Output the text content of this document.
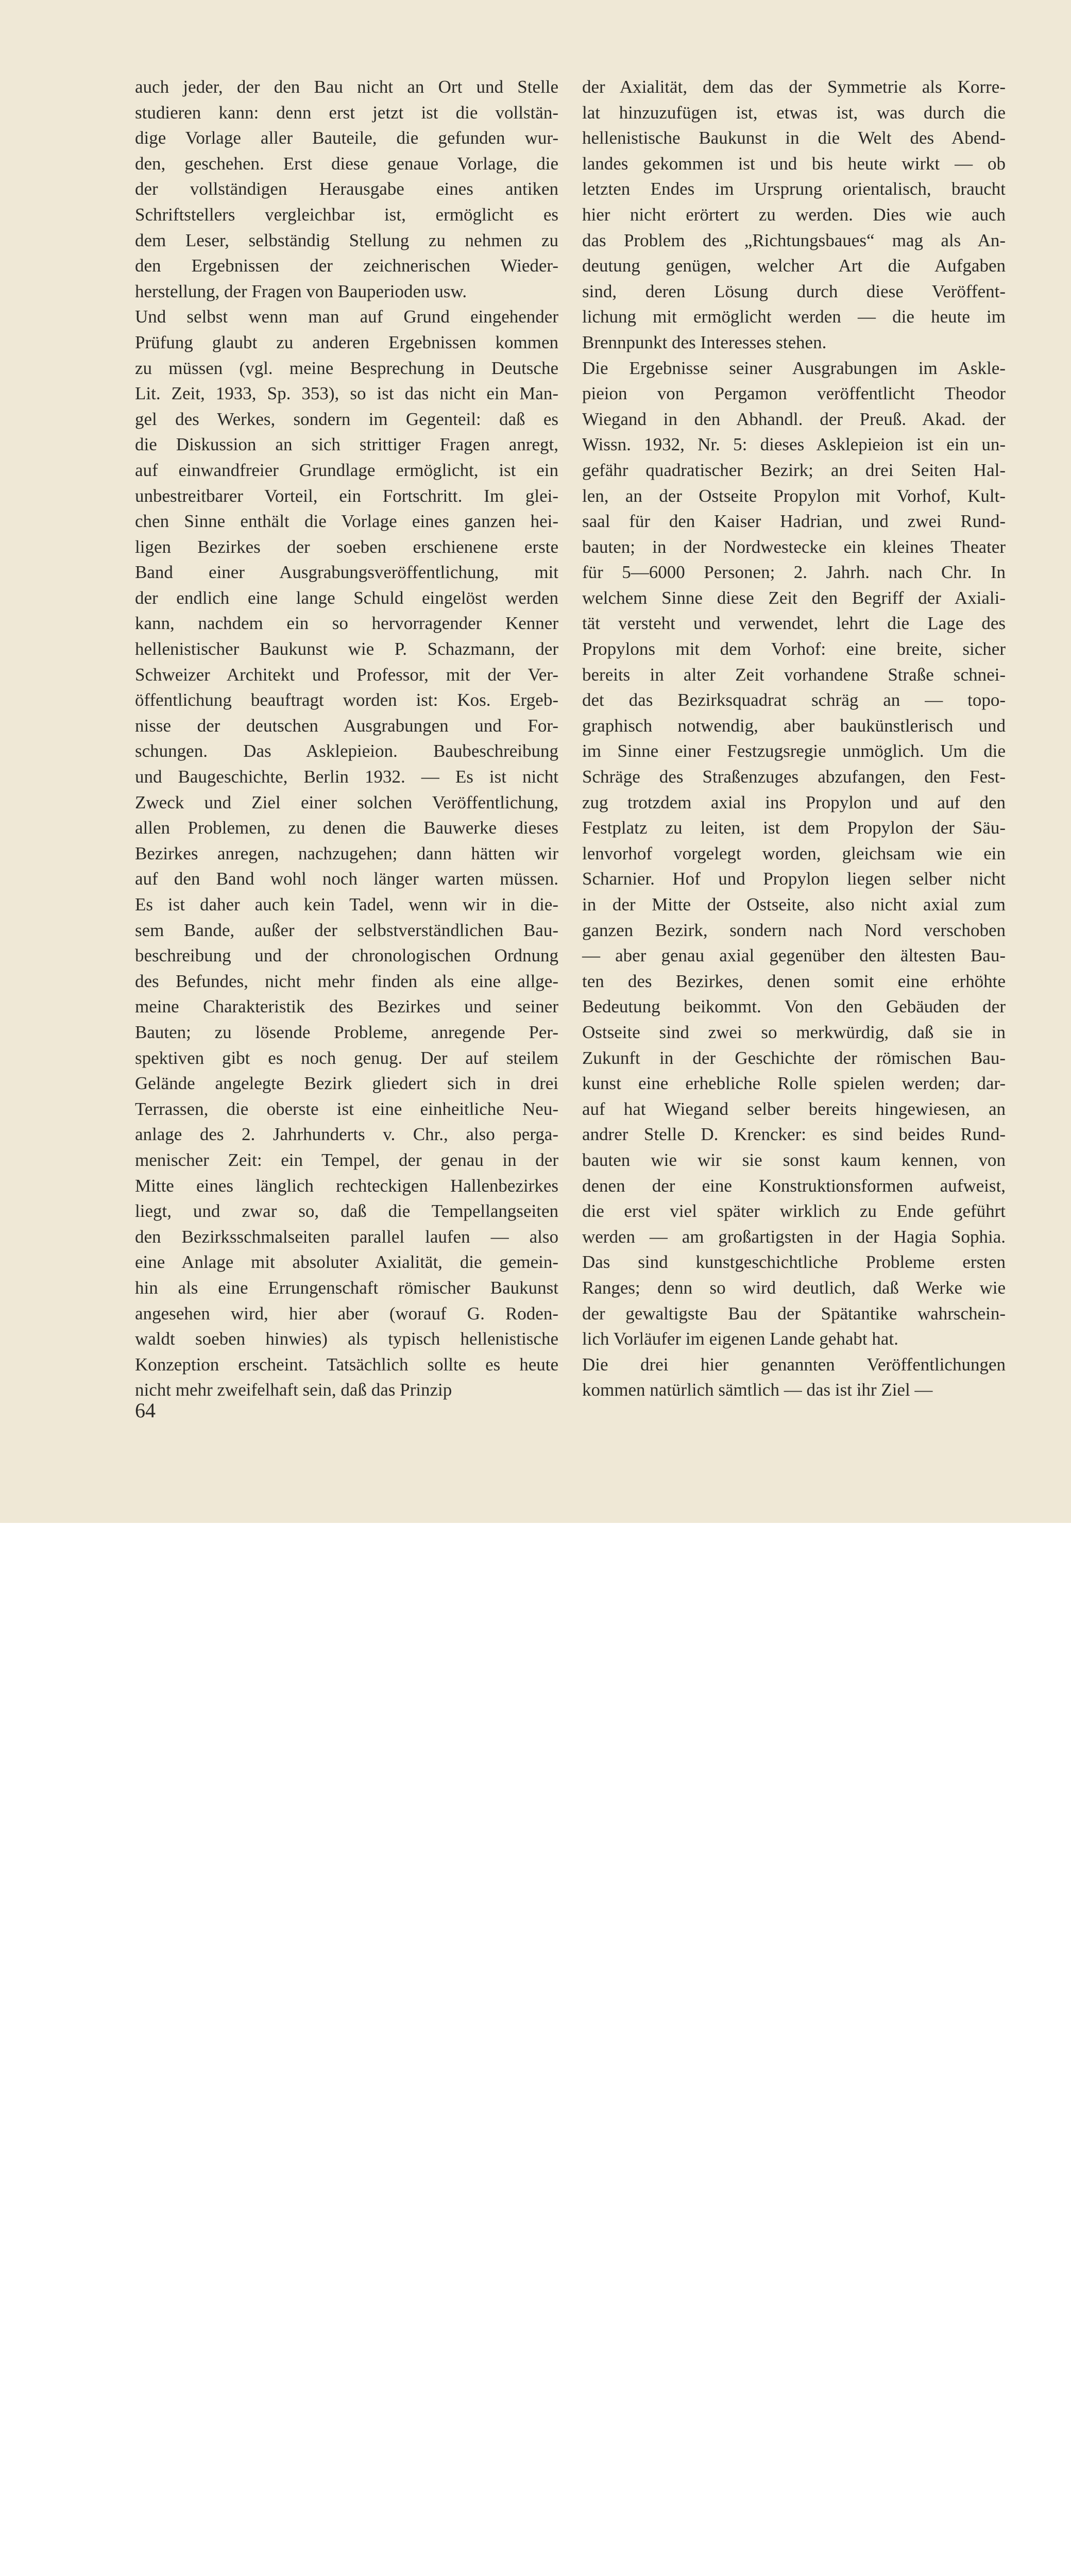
auch jeder, der den Bau nicht an Ort und Stelle
studieren kann: denn erst jetzt ist die vollstän-
dige Vorlage aller Bauteile, die gefunden wur-
den, geschehen. Erst diese genaue Vorlage, die
der vollständigen Herausgabe eines antiken
Schriftstellers vergleichbar ist, ermöglicht es
dem Leser, selbständig Stellung zu nehmen zu
den Ergebnissen der zeichnerischen Wieder-
herstellung, der Fragen von Bauperioden usw.
Und selbst wenn man auf Grund eingehender
Prüfung glaubt zu anderen Ergebnissen kommen
zu müssen (vgl. meine Besprechung in Deutsche
Lit. Zeit, 1933, Sp. 353), so ist das nicht ein Man-
gel des Werkes, sondern im Gegenteil: daß es
die Diskussion an sich strittiger Fragen anregt,
auf einwandfreier Grundlage ermöglicht, ist ein
unbestreitbarer Vorteil, ein Fortschritt. Im glei-
chen Sinne enthält die Vorlage eines ganzen hei-
ligen Bezirkes der soeben erschienene erste
Band einer Ausgrabungsveröffentlichung, mit
der endlich eine lange Schuld eingelöst werden
kann, nachdem ein so hervorragender Kenner
hellenistischer Baukunst wie P. Schazmann, der
Schweizer Architekt und Professor, mit der Ver-
öffentlichung beauftragt worden ist: Kos. Ergeb-
nisse der deutschen Ausgrabungen und For-
schungen. Das Asklepieion. Baubeschreibung
und Baugeschichte, Berlin 1932. — Es ist nicht
Zweck und Ziel einer solchen Veröffentlichung,
allen Problemen, zu denen die Bauwerke dieses
Bezirkes anregen, nachzugehen; dann hätten wir
auf den Band wohl noch länger warten müssen.
Es ist daher auch kein Tadel, wenn wir in die-
sem Bande, außer der selbstverständlichen Bau-
beschreibung und der chronologischen Ordnung
des Befundes, nicht mehr finden als eine allge-
meine Charakteristik des Bezirkes und seiner
Bauten; zu lösende Probleme, anregende Per-
spektiven gibt es noch genug. Der auf steilem
Gelände angelegte Bezirk gliedert sich in drei
Terrassen, die oberste ist eine einheitliche Neu-
anlage des 2. Jahrhunderts v. Chr., also perga-
menischer Zeit: ein Tempel, der genau in der
Mitte eines länglich rechteckigen Hallenbezirkes
liegt, und zwar so, daß die Tempellangseiten
den Bezirksschmalseiten parallel laufen — also
eine Anlage mit absoluter Axialität, die gemein-
hin als eine Errungenschaft römischer Baukunst
angesehen wird, hier aber (worauf G. Roden-
waldt soeben hinwies) als typisch hellenistische
Konzeption erscheint. Tatsächlich sollte es heute
nicht mehr zweifelhaft sein, daß das Prinzip
der Axialität, dem das der Symmetrie als Korre-
lat hinzuzufügen ist, etwas ist, was durch die
hellenistische Baukunst in die Welt des Abend-
landes gekommen ist und bis heute wirkt — ob
letzten Endes im Ursprung orientalisch, braucht
hier nicht erörtert zu werden. Dies wie auch
das Problem des „Richtungsbaues“ mag als An-
deutung genügen, welcher Art die Aufgaben
sind, deren Lösung durch diese Veröffent-
lichung mit ermöglicht werden — die heute im
Brennpunkt des Interesses stehen.
Die Ergebnisse seiner Ausgrabungen im Askle-
pieion von Pergamon veröffentlicht Theodor
Wiegand in den Abhandl. der Preuß. Akad. der
Wissn. 1932, Nr. 5: dieses Asklepieion ist ein un-
gefähr quadratischer Bezirk; an drei Seiten Hal-
len, an der Ostseite Propylon mit Vorhof, Kult-
saal für den Kaiser Hadrian, und zwei Rund-
bauten; in der Nordwestecke ein kleines Theater
für 5—6000 Personen; 2. Jahrh. nach Chr. In
welchem Sinne diese Zeit den Begriff der Axiali-
tät versteht und verwendet, lehrt die Lage des
Propylons mit dem Vorhof: eine breite, sicher
bereits in alter Zeit vorhandene Straße schnei-
det das Bezirksquadrat schräg an — topo-
graphisch notwendig, aber baukünstlerisch und
im Sinne einer Festzugsregie unmöglich. Um die
Schräge des Straßenzuges abzufangen, den Fest-
zug trotzdem axial ins Propylon und auf den
Festplatz zu leiten, ist dem Propylon der Säu-
lenvorhof vorgelegt worden, gleichsam wie ein
Scharnier. Hof und Propylon liegen selber nicht
in der Mitte der Ostseite, also nicht axial zum
ganzen Bezirk, sondern nach Nord verschoben
— aber genau axial gegenüber den ältesten Bau-
ten des Bezirkes, denen somit eine erhöhte
Bedeutung beikommt. Von den Gebäuden der
Ostseite sind zwei so merkwürdig, daß sie in
Zukunft in der Geschichte der römischen Bau-
kunst eine erhebliche Rolle spielen werden; dar-
auf hat Wiegand selber bereits hingewiesen, an
andrer Stelle D. Krencker: es sind beides Rund-
bauten wie wir sie sonst kaum kennen, von
denen der eine Konstruktionsformen aufweist,
die erst viel später wirklich zu Ende geführt
werden — am großartigsten in der Hagia Sophia.
Das sind kunstgeschichtliche Probleme ersten
Ranges; denn so wird deutlich, daß Werke wie
der gewaltigste Bau der Spätantike wahrschein-
lich Vorläufer im eigenen Lande gehabt hat.
Die drei hier genannten Veröffentlichungen
kommen natürlich sämtlich — das ist ihr Ziel —
64
